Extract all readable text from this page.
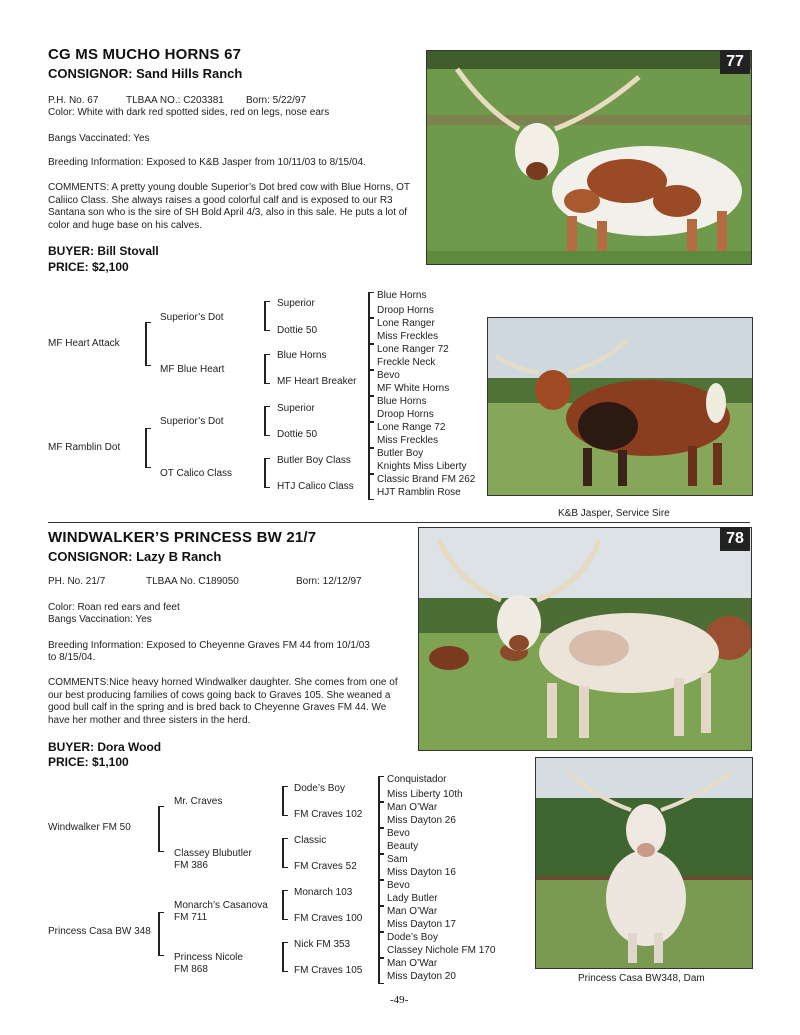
CG MS MUCHO HORNS 67
CONSIGNOR: Sand Hills Ranch
P.H. No. 67	TLBAA NO.: C203381 Born: 5/22/97
Color: White with dark red spotted sides, red on legs, nose ears
Bangs Vaccinated: Yes
Breeding Information: Exposed to K&B Jasper from 10/11/03 to 8/15/04.
COMMENTS: A pretty young double Superior’s Dot bred cow with Blue Horns, OT Caliico Class. She always raises a good colorful calf and is exposed to our R3 Santana son who is the sire of SH Bold April 4/3, also in this sale. He puts a lot of color and huge base on his calves.
BUYER: Bill Stovall
PRICE: $2,100
77
K&B Jasper, Service Sire
MF Heart Attack
MF Ramblin Dot
Superior’s Dot
MF Blue Heart
Superior’s Dot
OT Calico Class
Superior
Dottie 50
Blue Horns
MF Heart Breaker
Superior
Dottie 50
Butler Boy Class
HTJ Calico Class
Blue Horns
Droop Horns
Lone Ranger
Miss Freckles
Lone Ranger 72
Freckle Neck
Bevo
MF White Horns
Blue Horns
Droop Horns
Lone Range 72
Miss Freckles
Butler Boy
Knights Miss Liberty
Classic Brand FM 262
HJT Ramblin Rose
WINDWALKER’S PRINCESS BW 21/7
CONSIGNOR: Lazy B Ranch
PH. No. 21/7	TLBAA No. C189050	Born: 12/12/97
Color: Roan red ears and feet
Bangs Vaccination: Yes
Breeding Information: Exposed to Cheyenne Graves FM 44 from 10/1/03
to 8/15/04.
COMMENTS:Nice heavy horned Windwalker daughter. She comes from one of our best producing families of cows going back to Graves 105. She weaned a good bull calf in the spring and is bred back to Cheyenne Graves FM 44. We have her mother and three sisters in the herd.
BUYER: Dora Wood
PRICE: $1,100
78
Princess Casa BW348, Dam
Windwalker FM 50
Princess Casa BW 348
Mr. Craves
Classey Blubutler
FM 386
Monarch’s Casanova
FM 711
Princess Nicole
FM 868
Dode’s Boy
FM Craves 102
Classic
FM Craves 52
Monarch 103
FM Craves 100
Nick FM 353
FM Craves 105
Conquistador
Miss Liberty 10th
Man O’War
Miss Dayton 26
Bevo
Beauty
Sam
Miss Dayton 16
Bevo
Lady Butler
Man O’War
Miss Dayton 17
Dode’s Boy
Classey Nichole FM 170
Man O’War
Miss Dayton 20
-49-
